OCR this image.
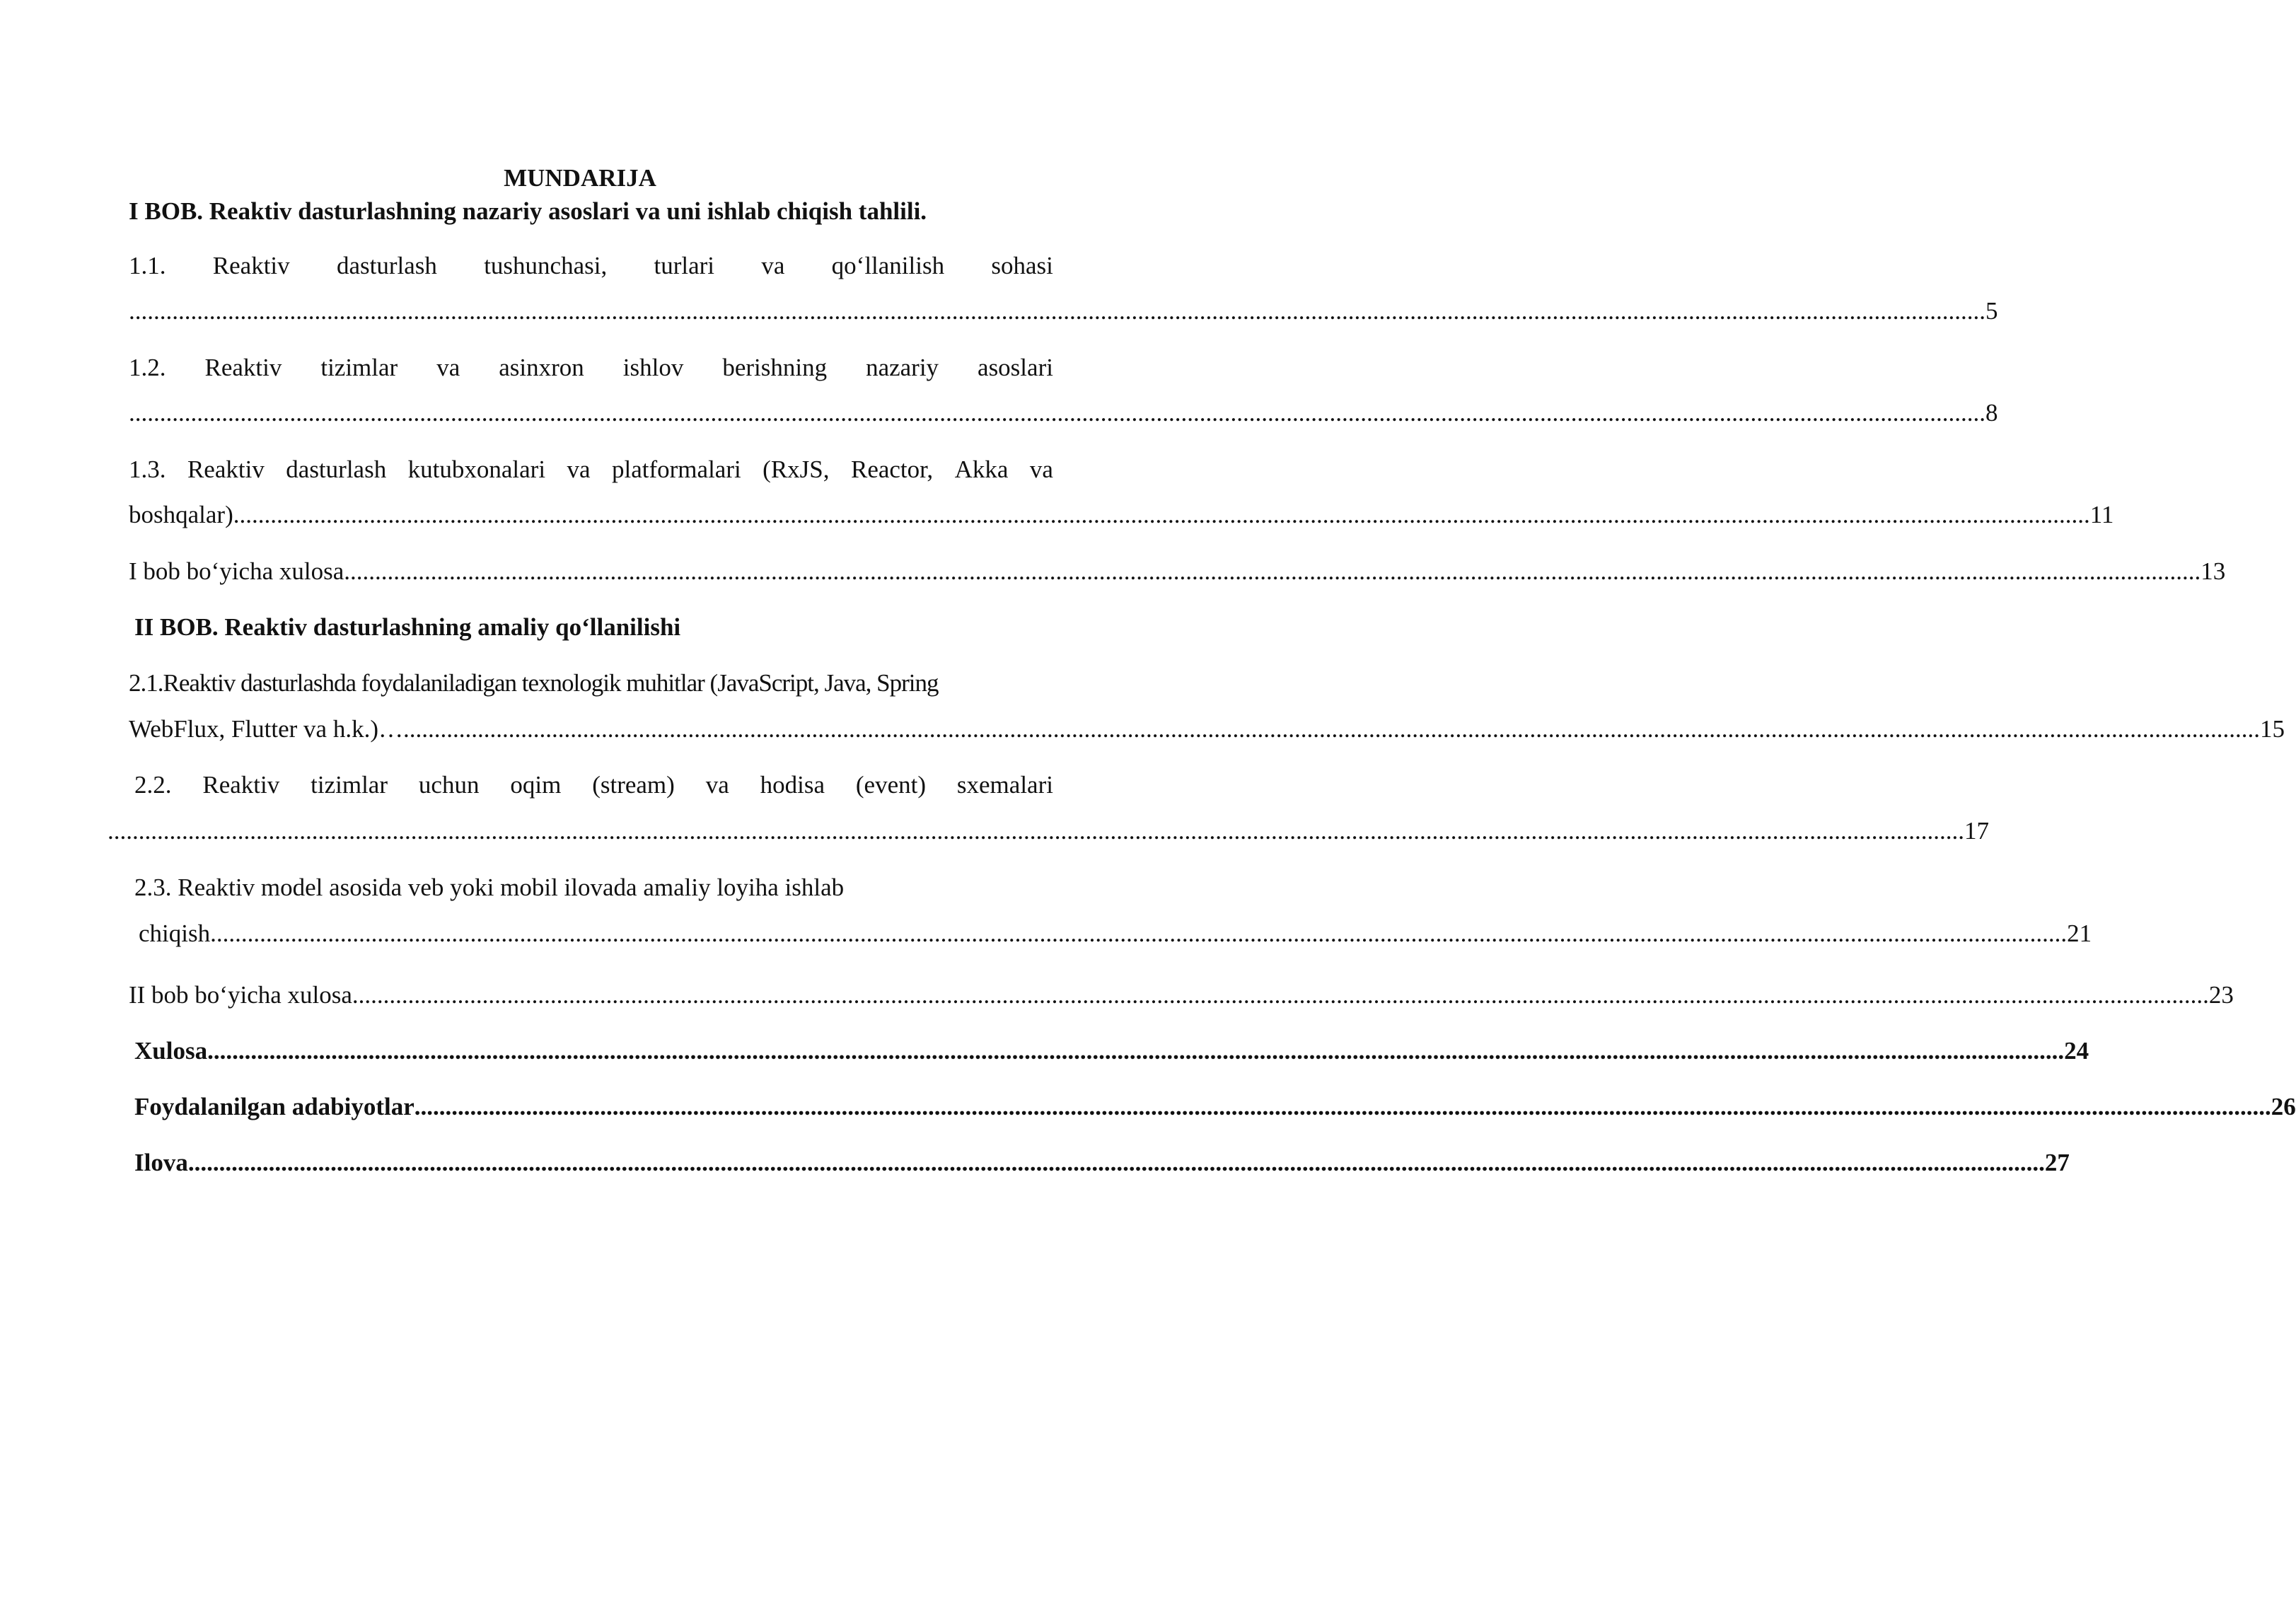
MUNDARIJA
I BOB. Reaktiv dasturlashning nazariy asoslari va uni ishlab chiqish tahlili.
1.1. Reaktiv dasturlash tushunchasi, turlari va qo‘llanilish sohasi
............................................................................................................................................................................................................................................................................................................ 5
1.2. Reaktiv tizimlar va asinxron ishlov berishning nazariy asoslari
............................................................................................................................................................................................................................................................................................................ 8
1.3. Reaktiv dasturlash kutubxonalari va platformalari (RxJS, Reactor, Akka va
boshqalar) ............................................................................................................................................................................................................................................................................................................ 11
I bob bo‘yicha xulosa ............................................................................................................................................................................................................................................................................................................ 13
II BOB. Reaktiv dasturlashning amaliy qo‘llanilishi
2.1.Reaktiv dasturlashda foydalaniladigan texnologik muhitlar (JavaScript, Java, Spring
WebFlux, Flutter va h.k.)… ............................................................................................................................................................................................................................................................................................................ 15
2.2. Reaktiv tizimlar uchun oqim (stream) va hodisa (event) sxemalari
............................................................................................................................................................................................................................................................................................................ 17
2.3. Reaktiv model asosida veb yoki mobil ilovada amaliy loyiha ishlab
chiqish ............................................................................................................................................................................................................................................................................................................ 21
II bob bo‘yicha xulosa ............................................................................................................................................................................................................................................................................................................ 23
Xulosa ............................................................................................................................................................................................................................................................................................................ 24
Foydalanilgan adabiyotlar ............................................................................................................................................................................................................................................................................................................ 26
Ilova ............................................................................................................................................................................................................................................................................................................ 27
